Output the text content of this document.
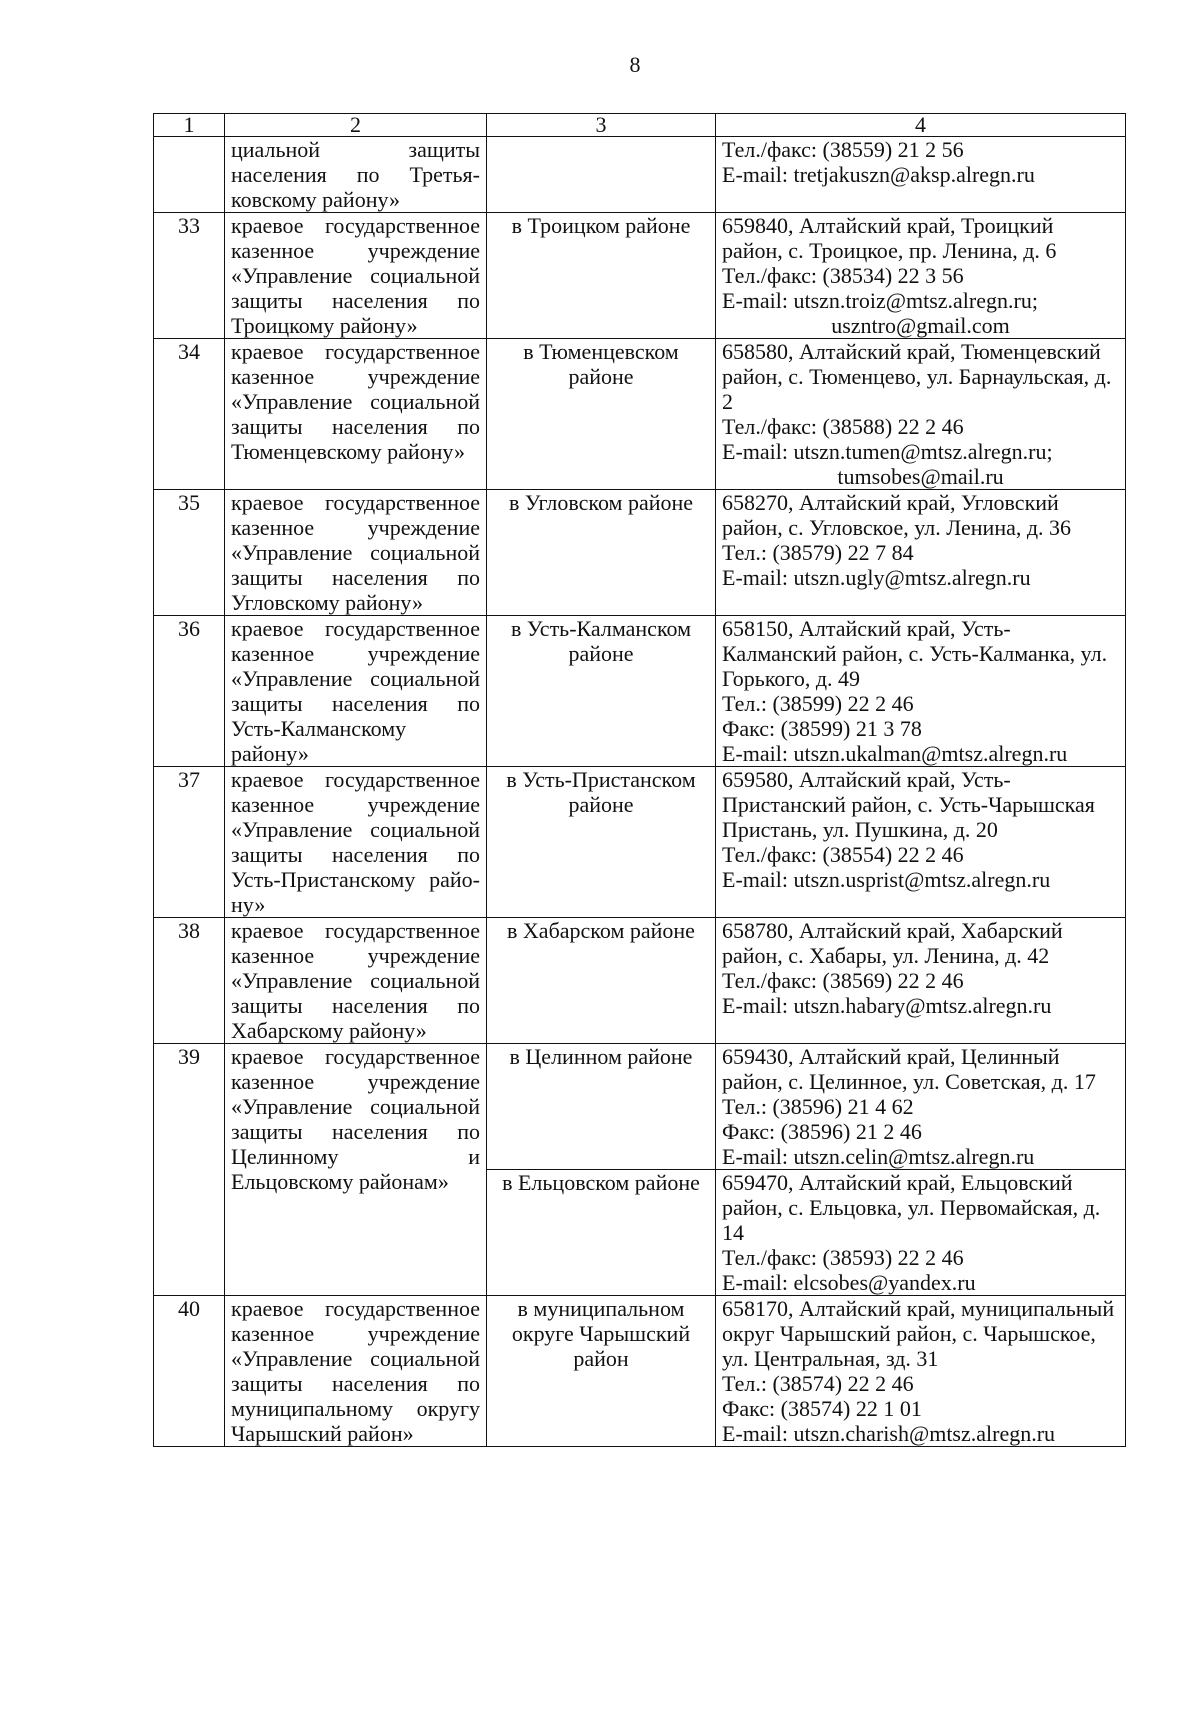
8
1	2	3	4
	циальной защиты населения по Третьяковскому району»		Тел./факс: (38559) 21 2 56
E-mail: tretjakuszn@aksp.alregn.ru

33	краевое государственное казенное учреждение «Управление социальной защиты населения по Троицкому району»	в Троицком районе	659840, Алтайский край, Троицкий район, с. Троицкое, пр. Ленина, д. 6
Тел./факс: (38534) 22 3 56
E-mail: utszn.troiz@mtsz.alregn.ru;
uszntro@gmail.com

34	краевое государственное казенное учреждение «Управление социальной защиты населения по Тюменцевскому району»	в Тюменцевском районе	658580, Алтайский край, Тюменцевский район, с. Тюменцево, ул. Барнаульская, д. 2
Тел./факс: (38588) 22 2 46
E-mail: utszn.tumen@mtsz.alregn.ru;
tumsobes@mail.ru

35	краевое государственное казенное учреждение «Управление социальной защиты населения по Угловскому району»	в Угловском районе	658270, Алтайский край, Угловский район, с. Угловское, ул. Ленина, д. 36
Тел.: (38579) 22 7 84
E-mail: utszn.ugly@mtsz.alregn.ru

36	краевое государственное казенное учреждение «Управление социальной защиты населения по Усть-Калманскому району»	в Усть-Калманском районе	658150, Алтайский край, Усть-Калманский район, с. Усть-Калманка, ул. Горького, д. 49
Тел.: (38599) 22 2 46
Факс: (38599) 21 3 78
E-mail: utszn.ukalman@mtsz.alregn.ru

37	краевое государственное казенное учреждение «Управление социальной защиты населения по Усть-Пристанскому району»	в Усть-Пристанском районе	659580, Алтайский край, Усть-Пристанский район, с. Усть-Чарышская Пристань, ул. Пушкина, д. 20
Тел./факс: (38554) 22 2 46
E-mail: utszn.usprist@mtsz.alregn.ru

38	краевое государственное казенное учреждение «Управление социальной защиты населения по Хабарскому району»	в Хабарском районе	658780, Алтайский край, Хабарский район, с. Хабары, ул. Ленина, д. 42
Тел./факс: (38569) 22 2 46
E-mail: utszn.habary@mtsz.alregn.ru

39	краевое государственное казенное учреждение «Управление социальной защиты населения по Целинному и Ельцовскому районам»	в Целинном районе	659430, Алтайский край, Целинный район, с. Целинное, ул. Советская, д. 17
Тел.: (38596) 21 4 62
Факс: (38596) 21 2 46
E-mail: utszn.celin@mtsz.alregn.ru

		в Ельцовском районе	659470, Алтайский край, Ельцовский район, с. Ельцовка, ул. Первомайская, д. 14
Тел./факс: (38593) 22 2 46
E-mail: elcsobes@yandex.ru

40	краевое государственное казенное учреждение «Управление социальной защиты населения по муниципальному округу Чарышский район»	в муниципальном округе Чарышский район	658170, Алтайский край, муниципальный округ Чарышский район, с. Чарышское, ул. Центральная, зд. 31
Тел.: (38574) 22 2 46
Факс: (38574) 22 1 01
E-mail: utszn.charish@mtsz.alregn.ru
